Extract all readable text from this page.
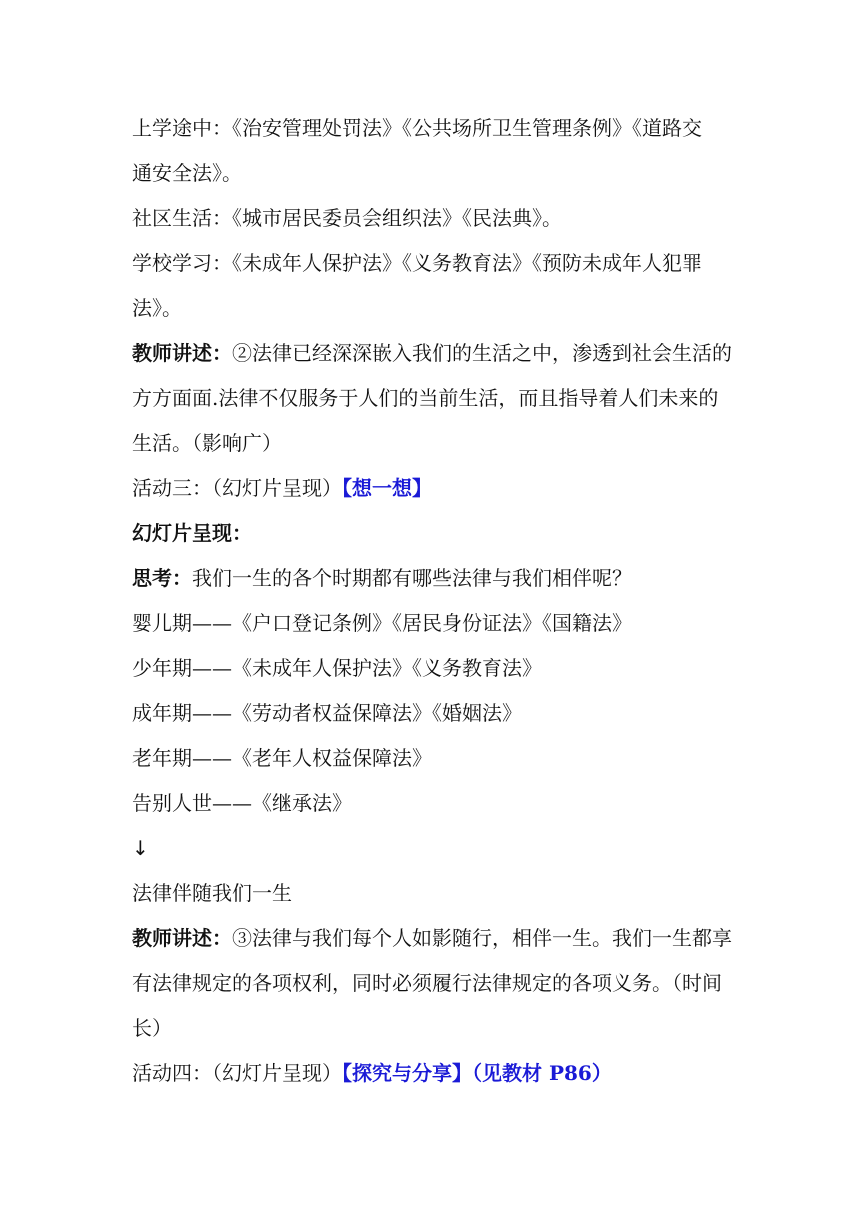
上学途中：《治安管理处罚法》《公共场所卫生管理条例》《道路交

通安全法》。

社区生活：《城市居民委员会组织法》《民法典》。

学校学习：《未成年人保护法》《义务教育法》《预防未成年人犯罪

法》。

教师讲述：②法律已经深深嵌入我们的生活之中，渗透到社会生活的

方方面面.法律不仅服务于人们的当前生活，而且指导着人们未来的

生活。（影响广）

活动三：（幻灯片呈现）【想一想】

幻灯片呈现：

思考：我们一生的各个时期都有哪些法律与我们相伴呢？

婴儿期——《户口登记条例》《居民身份证法》《国籍法》

少年期——《未成年人保护法》《义务教育法》

成年期——《劳动者权益保障法》《婚姻法》

老年期——《老年人权益保障法》

告别人世——《继承法》

↓

法律伴随我们一生

教师讲述：③法律与我们每个人如影随行，相伴一生。我们一生都享

有法律规定的各项权利，同时必须履行法律规定的各项义务。（时间

长）

活动四：（幻灯片呈现）【探究与分享】（见教材 P86）
